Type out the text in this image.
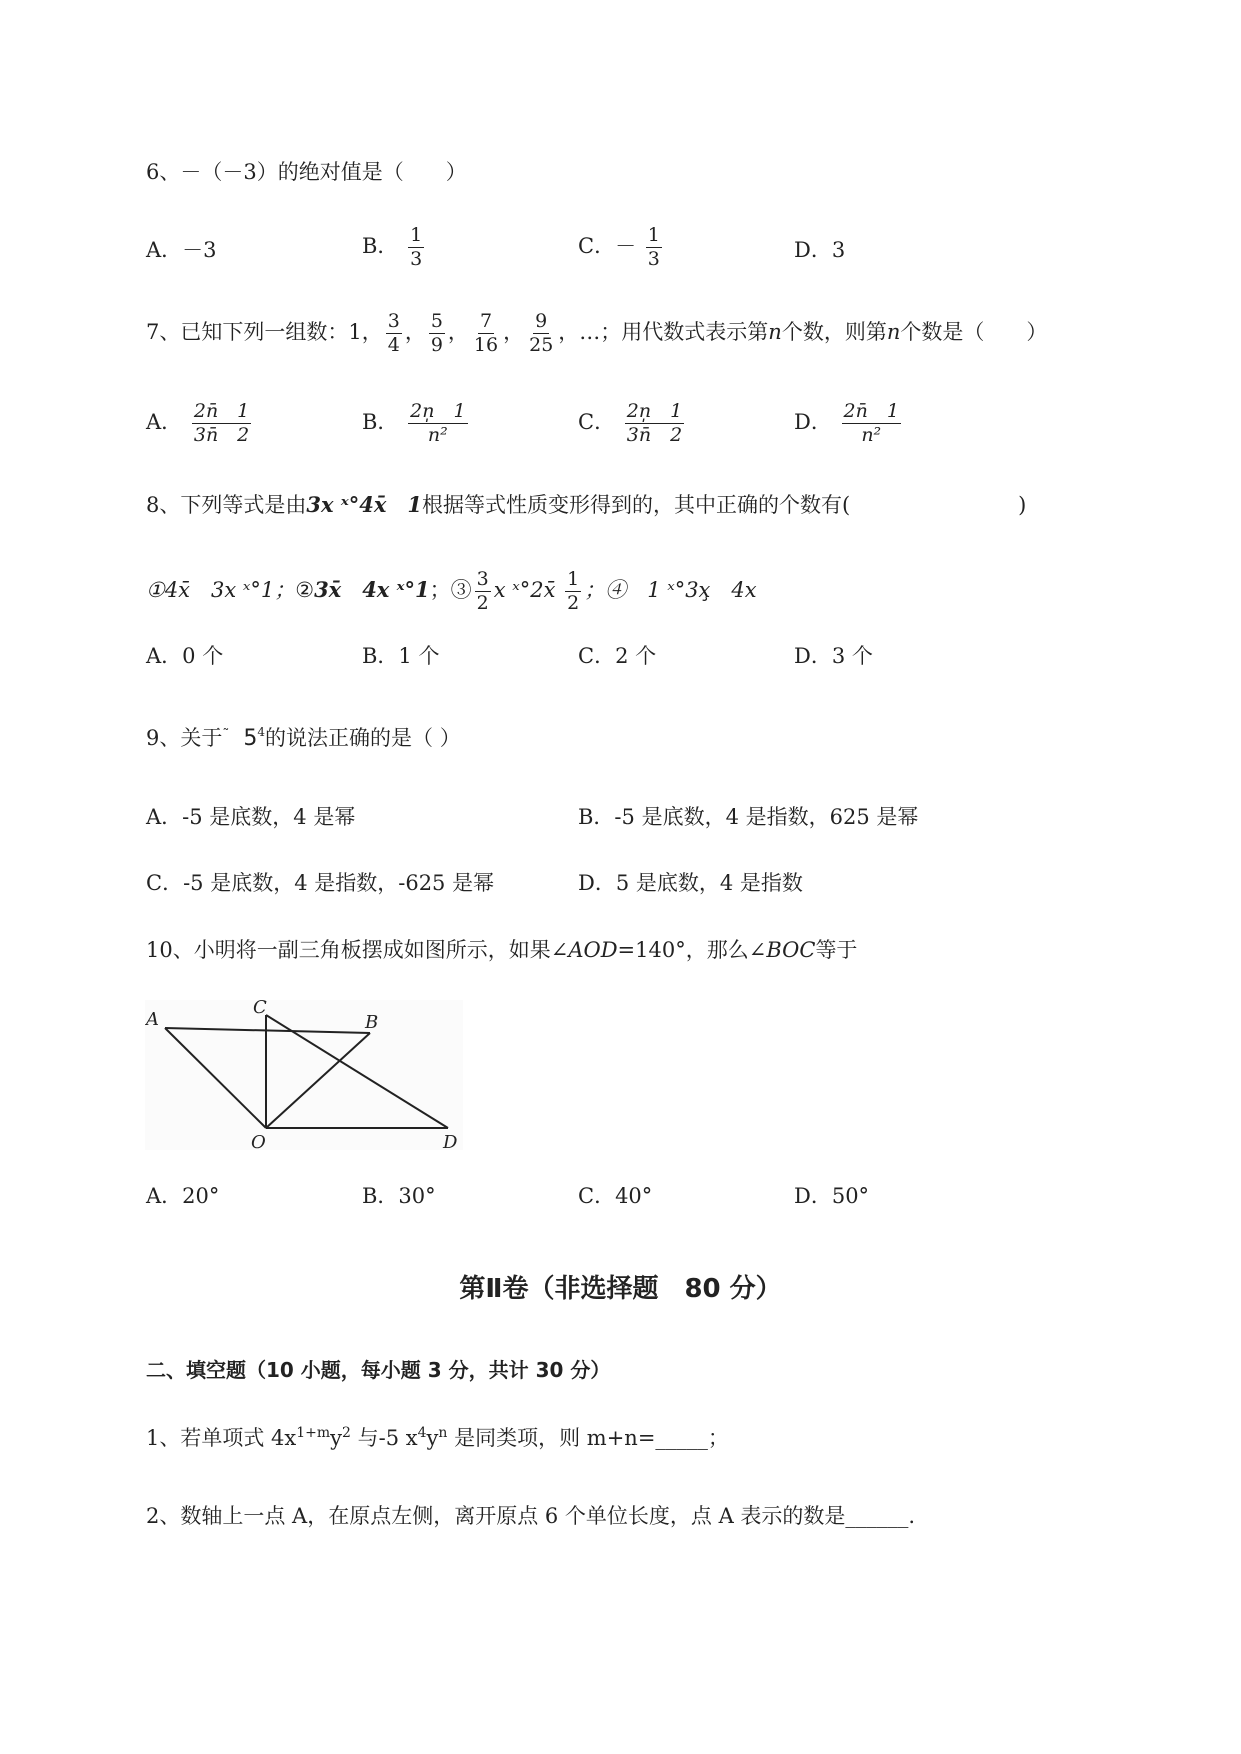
6、－（－3）的绝对值是（　　）
A．－3	B． $\frac{1}{3}$	C．－ $\frac{1}{3}$	D．3
7、已知下列一组数：1， $\frac{3}{4}$ ， $\frac{5}{9}$ ， $\frac{7}{16}$ ， $\frac{9}{25}$ ，…；用代数式表示第n个数，则第n个数是（　　）
A． $\frac{2n̄ 1}{3n̄ 2}$	B． $\frac{2n̩ 1}{\text{n²}}$	C． $\frac{2n̩ 1}{3n̄ 2}$	D． $\frac{2n̄ 1}{\text{n²}}$
8、下列等式是由3x ˣ°4x̄　1根据等式性质变形得到的，其中正确的个数有(　　　　　　　　)
①4x̄　3x ˣ°1；②3x̄　4x ˣ°1；③ $\frac{3}{2}$ x ˣ°2x̄ $\frac{1}{2}$ ；④　1 ˣ°3x̧　4x
A．0 个	B．1 个	C．2 个	D．3 个
9、关于˜　$5^4$的说法正确的是（ ）
A．-5 是底数，4 是幂	B．-5 是底数，4 是指数，625 是幂
C．-5 是底数，4 是指数，-625 是幂	D．5 是底数，4 是指数
10、小明将一副三角板摆成如图所示，如果∠AOD=140°，那么∠BOC等于
A
C
B
O	D
A．20°	B．30°	C．40°	D．50°
第Ⅱ卷（非选择题　80 分）
二、填空题（10 小题，每小题 3 分，共计 30 分）
1、若单项式 $4x^{1+m}y^2$ 与-5 $x^4y^n$ 是同类项，则 m+n=_____；
2、数轴上一点 A，在原点左侧，离开原点 6 个单位长度，点 A 表示的数是______.
